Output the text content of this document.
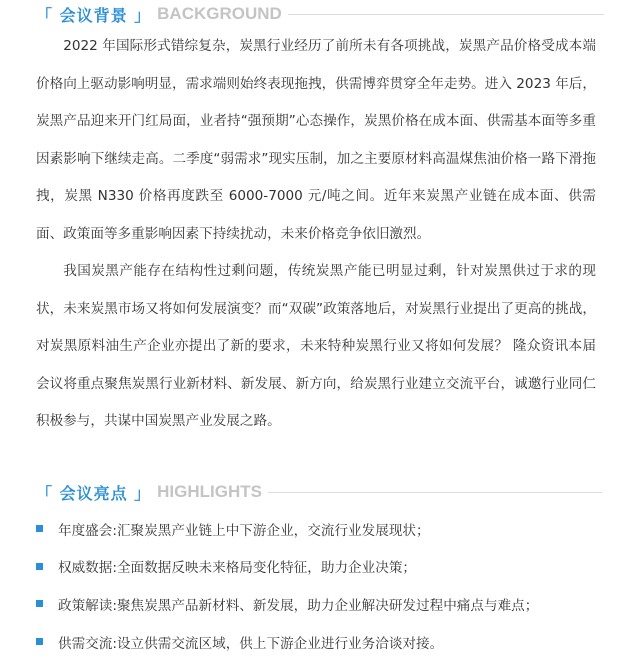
「 会议背景 」 BACKGROUND

2022 年国际形式错综复杂，炭黑行业经历了前所未有各项挑战，炭黑产品价格受成本端价格向上驱动影响明显，需求端则始终表现拖拽，供需博弈贯穿全年走势。进入 2023 年后，炭黑产品迎来开门红局面，业者持“强预期”心态操作，炭黑价格在成本面、供需基本面等多重因素影响下继续走高。二季度“弱需求”现实压制，加之主要原材料高温煤焦油价格一路下滑拖拽，炭黑 N330 价格再度跌至 6000-7000 元/吨之间。近年来炭黑产业链在成本面、供需面、政策面等多重影响因素下持续扰动，未来价格竞争依旧激烈。

我国炭黑产能存在结构性过剩问题，传统炭黑产能已明显过剩，针对炭黑供过于求的现状，未来炭黑市场又将如何发展演变？而“双碳”政策落地后，对炭黑行业提出了更高的挑战，对炭黑原料油生产企业亦提出了新的要求，未来特种炭黑行业又将如何发展？ 隆众资讯本届会议将重点聚焦炭黑行业新材料、新发展、新方向，给炭黑行业建立交流平台，诚邀行业同仁积极参与，共谋中国炭黑产业发展之路。

「 会议亮点 」 HIGHLIGHTS
年度盛会:汇聚炭黑产业链上中下游企业，交流行业发展现状；
权威数据:全面数据反映未来格局变化特征，助力企业决策；
政策解读:聚焦炭黑产品新材料、新发展，助力企业解决研发过程中痛点与难点；
供需交流:设立供需交流区域，供上下游企业进行业务洽谈对接。
